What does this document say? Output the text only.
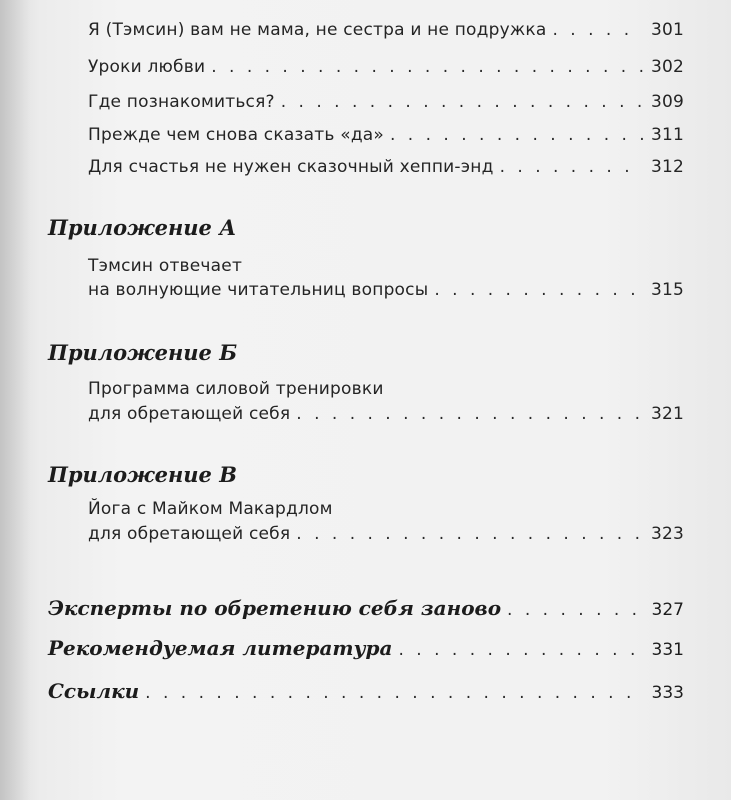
Я (Тэмсин) вам не мама, не сестра и не подружка . . .	301
Уроки любви . . .	302
Где познакомиться? . . .	309
Прежде чем снова сказать «да» . . .	311
Для счастья не нужен сказочный хеппи-энд . . .	312
Приложение А
Тэмсин отвечает
на волнующие читательниц вопросы . . .	315
Приложение Б
Программа силовой тренировки
для обретающей себя . . .	321
Приложение В
Йога с Майком Макардлом
для обретающей себя . . .	323
Эксперты по обретению себя заново . . .	327
Рекомендуемая литература . . .	331
Ссылки . . .	333
